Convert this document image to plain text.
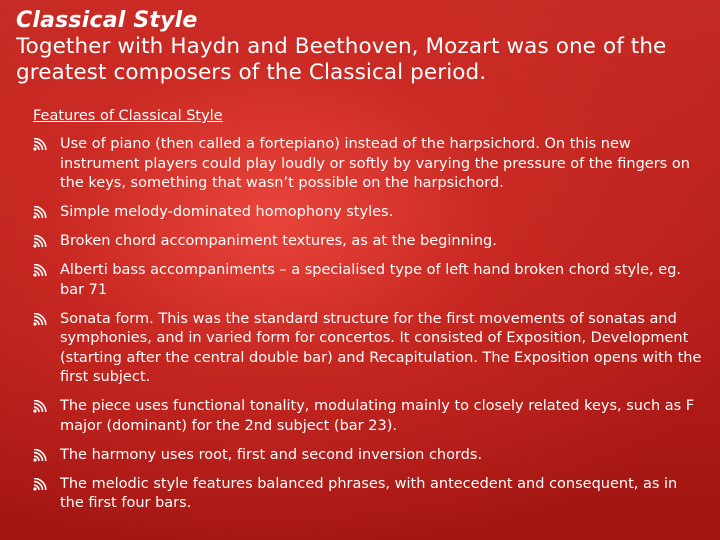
Classical Style

Together with Haydn and Beethoven, Mozart was one of the greatest composers of the Classical period.

Features of Classical Style

Use of piano (then called a fortepiano) instead of the harpsichord. On this new instrument players could play loudly or softly by varying the pressure of the fingers on the keys, something that wasn’t possible on the harpsichord.
Simple melody-dominated homophony styles.
Broken chord accompaniment textures, as at the beginning.
Alberti bass accompaniments – a specialised type of left hand broken chord style, eg. bar 71
Sonata form. This was the standard structure for the first movements of sonatas and symphonies, and in varied form for concertos. It consisted of Exposition, Development (starting after the central double bar) and Recapitulation. The Exposition opens with the first subject.
The piece uses functional tonality, modulating mainly to closely related keys, such as F major (dominant) for the 2nd subject (bar 23).
The harmony uses root, first and second inversion chords.
The melodic style features balanced phrases, with antecedent and consequent, as in the first four bars.
